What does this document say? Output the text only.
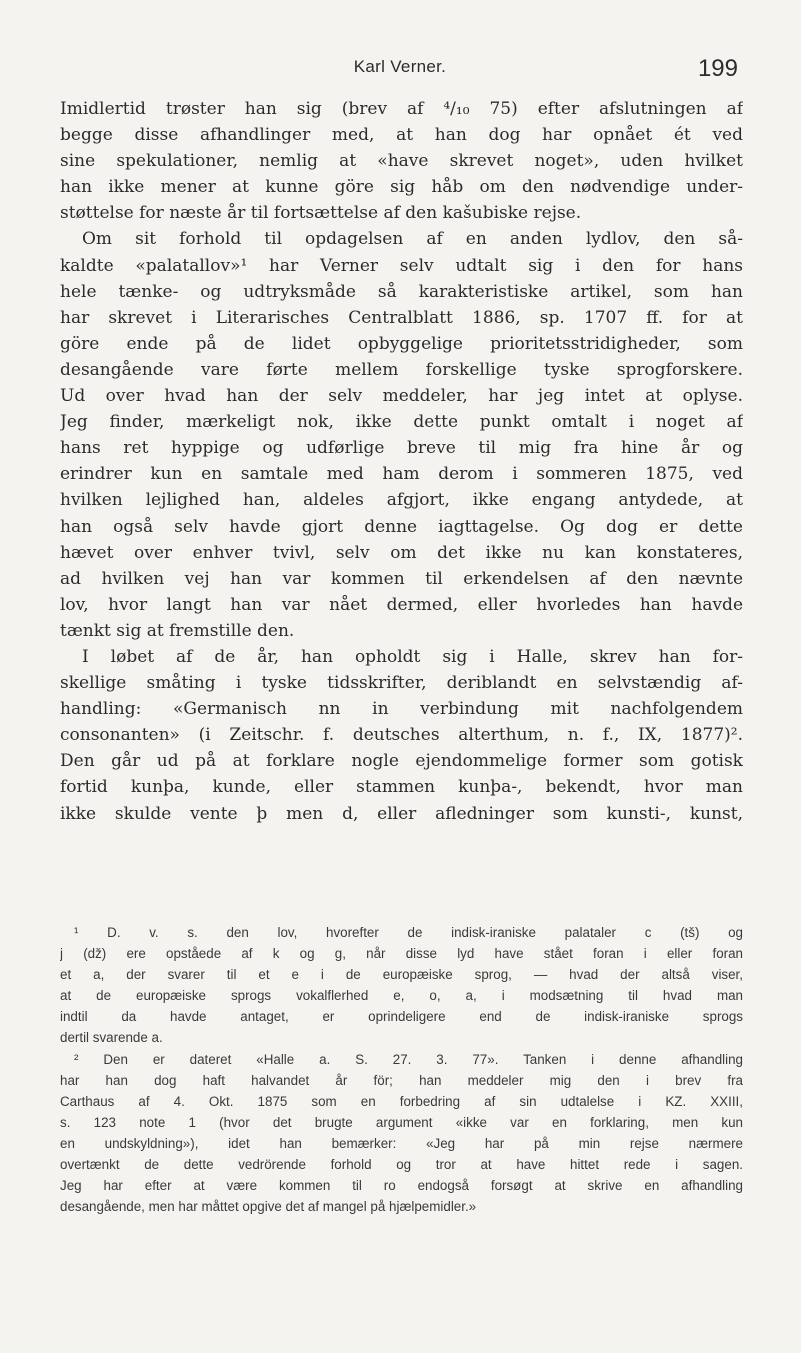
Karl Verner.	199

Imidlertid trøster han sig (brev af ⁴/₁₀ 75) efter afslutningen af
begge disse afhandlinger med, at han dog har opnået ét ved
sine spekulationer, nemlig at «have skrevet noget», uden hvilket
han ikke mener at kunne göre sig håb om den nødvendige under-
støttelse for næste år til fortsættelse af den kašubiske rejse.

Om sit forhold til opdagelsen af en anden lydlov, den så-
kaldte «palatallov»¹ har Verner selv udtalt sig i den for hans
hele tænke- og udtryksmåde så karakteristiske artikel, som han
har skrevet i Literarisches Centralblatt 1886, sp. 1707 ff. for at
göre ende på de lidet opbyggelige prioritetsstridigheder, som
desangående vare førte mellem forskellige tyske sprogforskere.
Ud over hvad han der selv meddeler, har jeg intet at oplyse.
Jeg finder, mærkeligt nok, ikke dette punkt omtalt i noget af
hans ret hyppige og udførlige breve til mig fra hine år og
erindrer kun en samtale med ham derom i sommeren 1875, ved
hvilken lejlighed han, aldeles afgjort, ikke engang antydede, at
han også selv havde gjort denne iagttagelse. Og dog er dette
hævet over enhver tvivl, selv om det ikke nu kan konstateres,
ad hvilken vej han var kommen til erkendelsen af den nævnte
lov, hvor langt han var nået dermed, eller hvorledes han havde
tænkt sig at fremstille den.

I løbet af de år, han opholdt sig i Halle, skrev han for-
skellige småting i tyske tidsskrifter, deriblandt en selvstændig af-
handling: «Germanisch nn in verbindung mit nachfolgendem
consonanten» (i Zeitschr. f. deutsches alterthum, n. f., IX, 1877)².
Den går ud på at forklare nogle ejendommelige former som gotisk
fortid kunþa, kunde, eller stammen kunþa-, bekendt, hvor man
ikke skulde vente þ men d, eller afledninger som kunsti-, kunst,

¹ D. v. s. den lov, hvorefter de indisk-iraniske palataler c (tš) og
j (dž) ere opståede af k og g, når disse lyd have stået foran i eller foran
et a, der svarer til et e i de europæiske sprog, — hvad der altså viser,
at de europæiske sprogs vokalflerhed e, o, a, i modsætning til hvad man
indtil da havde antaget, er oprindeligere end de indisk-iraniske sprogs
dertil svarende a.
² Den er dateret «Halle a. S. 27. 3. 77». Tanken i denne afhandling
har han dog haft halvandet år för; han meddeler mig den i brev fra
Carthaus af 4. Okt. 1875 som en forbedring af sin udtalelse i KZ. XXIII,
s. 123 note 1 (hvor det brugte argument «ikke var en forklaring, men kun
en undskyldning»), idet han bemærker: «Jeg har på min rejse nærmere
overtænkt de dette vedrörende forhold og tror at have hittet rede i sagen.
Jeg har efter at være kommen til ro endogså forsøgt at skrive en afhandling
desangående, men har måttet opgive det af mangel på hjælpemidler.»
